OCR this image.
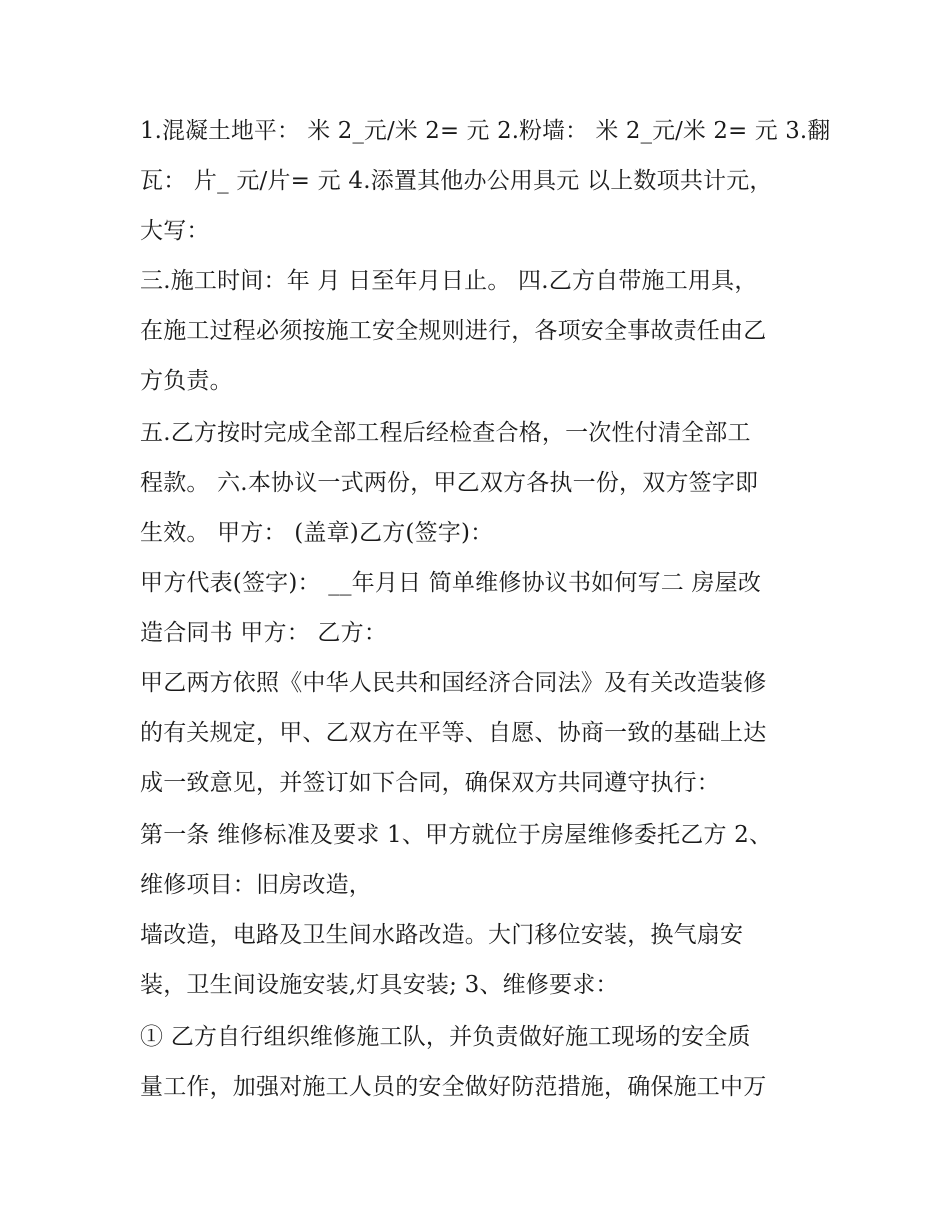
1.混凝土地平： 米 2_元/米 2= 元 2.粉墙： 米 2_元/米 2= 元 3.翻
瓦： 片_ 元/片= 元 4.添置其他办公用具元 以上数项共计元，
大写：
三.施工时间：年 月 日至年月日止。 四.乙方自带施工用具，
在施工过程必须按施工安全规则进行，各项安全事故责任由乙
方负责。
五.乙方按时完成全部工程后经检查合格，一次性付清全部工
程款。 六.本协议一式两份，甲乙双方各执一份，双方签字即
生效。 甲方： (盖章)乙方(签字)：
甲方代表(签字)： __年月日 简单维修协议书如何写二 房屋改
造合同书 甲方： 乙方：
甲乙两方依照《中华人民共和国经济合同法》及有关改造装修
的有关规定，甲、乙双方在平等、自愿、协商一致的基础上达
成一致意见，并签订如下合同，确保双方共同遵守执行：
第一条 维修标准及要求 1、甲方就位于房屋维修委托乙方 2、
维修项目：旧房改造，
墙改造，电路及卫生间水路改造。大门移位安装，换气扇安
装，卫生间设施安装,灯具安装; 3、维修要求：
① 乙方自行组织维修施工队，并负责做好施工现场的安全质
量工作，加强对施工人员的安全做好防范措施，确保施工中万
